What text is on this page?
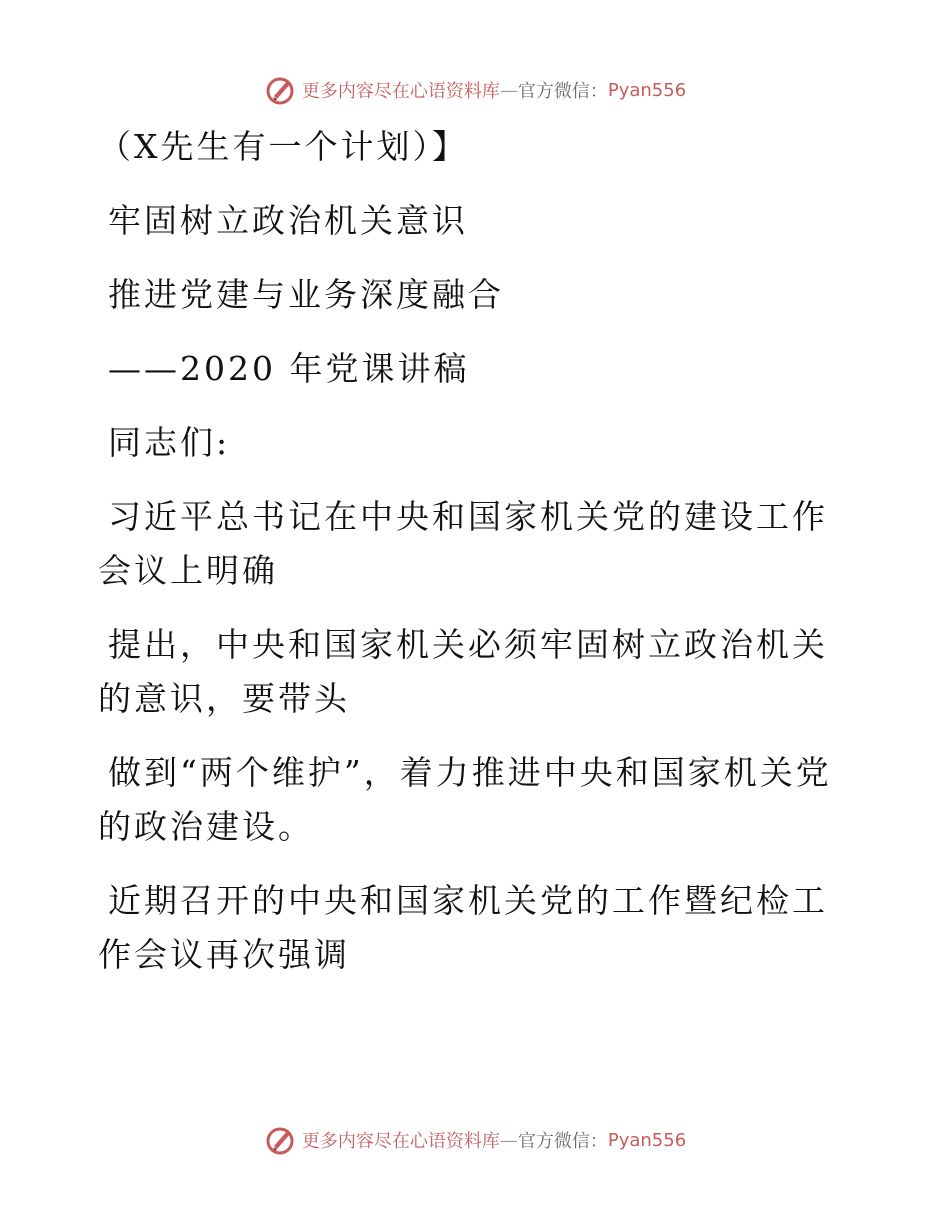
更多内容尽在心语资料库 — 官方微信： Pyan556

（X先生有一个计划）】

牢固树立政治机关意识

推进党建与业务深度融合

——2020 年党课讲稿

同志们:

习近平总书记在中央和国家机关党的建设工作会议上明确

提出，中央和国家机关必须牢固树立政治机关的意识，要带头

做到“两个维护”，着力推进中央和国家机关党的政治建设。

近期召开的中央和国家机关党的工作暨纪检工作会议再次强调

更多内容尽在心语资料库 — 官方微信： Pyan556
